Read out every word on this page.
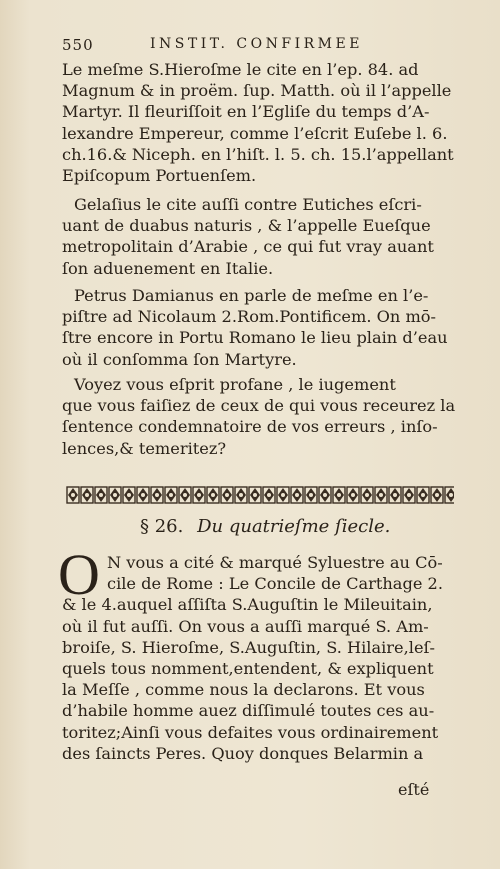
550	INSTIT. CONFIRMEE
Le meſme S.Hieroſme le cite en l’ep. 84. ad
Magnum & in proëm. ſup. Matth. où il l’appelle
Martyr. Il fleuriſſoit en l’Egliſe du temps d’A-
lexandre Empereur, comme l’eſcrit Euſebe l. 6.
ch.16.& Niceph. en l’hiſt. l. 5. ch. 15.l’appellant
Epiſcopum Portuenſem.
Gelaſius le cite auſſi contre Eutiches eſcri-
uant de duabus naturis , & l’appelle Eueſque
metropolitain d’Arabie , ce qui fut vray auant
ſon aduenement en Italie.
Petrus Damianus en parle de meſme en l’e-
piſtre ad Nicolaum 2.Rom.Pontificem. On mō-
ſtre encore in Portu Romano le lieu plain d’eau
où il conſomma ſon Martyre.
Voyez vous eſprit profane , le iugement
que vous faiſiez de ceux de qui vous receurez la
ſentence condemnatoire de vos erreurs , inſo-
lences,& temeritez?
§ 26. Du quatrieſme ſiecle.
O N vous a cité & marqué Syluestre au Cō-
cile de Rome : Le Concile de Carthage 2.
& le 4.auquel aſſiſta S.Auguſtin le Mileuitain,
où il fut auſſi. On vous a auſſi marqué S. Am-
broiſe, S. Hieroſme, S.Auguſtin, S. Hilaire,leſ-
quels tous nomment,entendent, & expliquent
la Meſſe , comme nous la declarons. Et vous
d’habile homme auez diſſimulé toutes ces au-
toritez;Ainſi vous defaites vous ordinairement
des ſaincts Peres. Quoy donques Belarmin a
eſté
